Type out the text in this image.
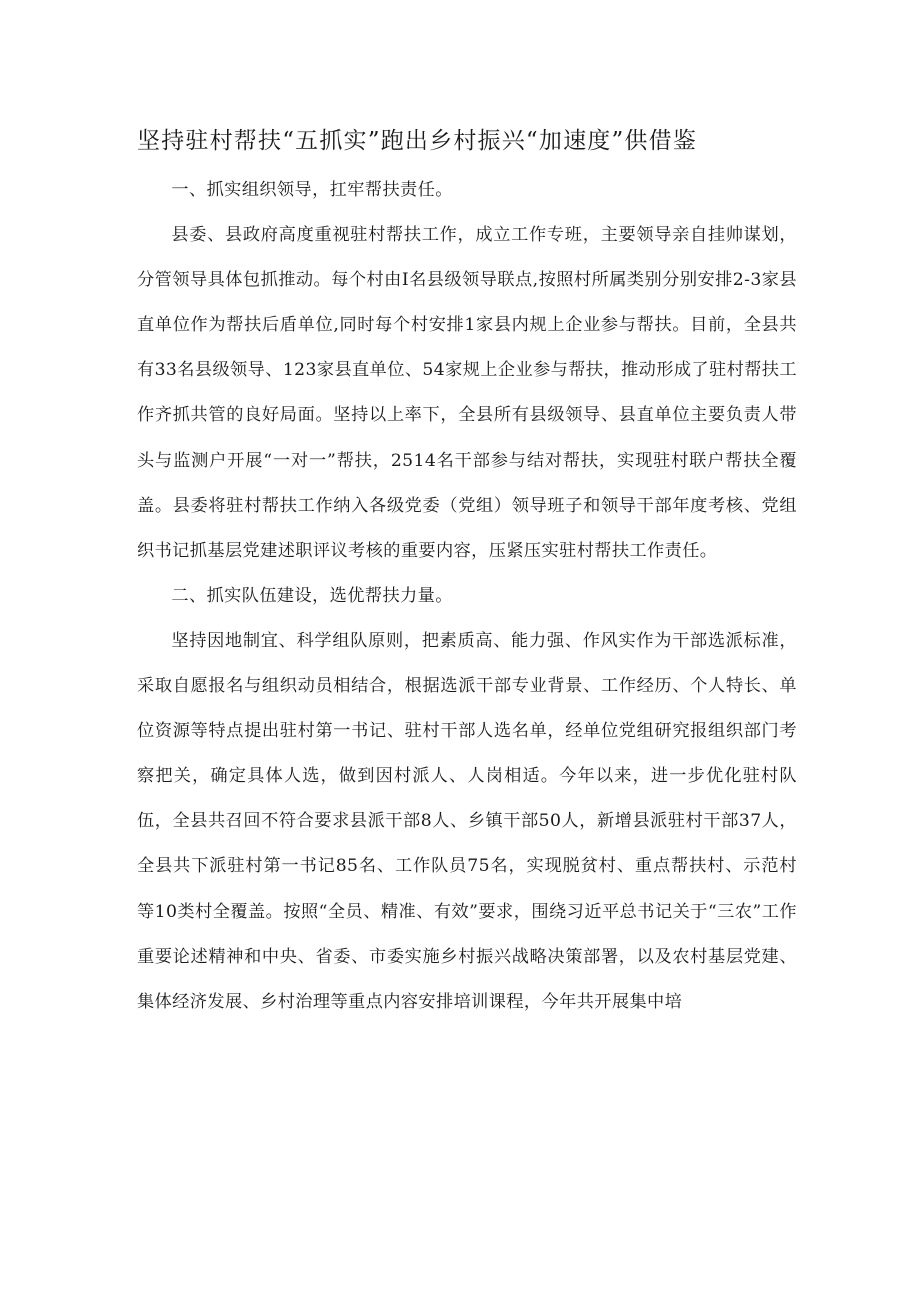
坚持驻村帮扶“五抓实”跑出乡村振兴“加速度”供借鉴

一、抓实组织领导，扛牢帮扶责任。

县委、县政府高度重视驻村帮扶工作，成立工作专班，主要领导亲自挂帅谋划，分管领导具体包抓推动。每个村由I名县级领导联点,按照村所属类别分别安排2-3家县直单位作为帮扶后盾单位,同时每个村安排1家县内规上企业参与帮扶。目前，全县共有33名县级领导、123家县直单位、54家规上企业参与帮扶，推动形成了驻村帮扶工作齐抓共管的良好局面。坚持以上率下，全县所有县级领导、县直单位主要负责人带头与监测户开展“一对一”帮扶，2514名干部参与结对帮扶，实现驻村联户帮扶全覆盖。县委将驻村帮扶工作纳入各级党委（党组）领导班子和领导干部年度考核、党组织书记抓基层党建述职评议考核的重要内容，压紧压实驻村帮扶工作责任。

二、抓实队伍建设，选优帮扶力量。

坚持因地制宜、科学组队原则，把素质高、能力强、作风实作为干部选派标准，采取自愿报名与组织动员相结合，根据选派干部专业背景、工作经历、个人特长、单位资源等特点提出驻村第一书记、驻村干部人选名单，经单位党组研究报组织部门考察把关，确定具体人选，做到因村派人、人岗相适。今年以来，进一步优化驻村队伍，全县共召回不符合要求县派干部8人、乡镇干部50人，新增县派驻村干部37人，全县共下派驻村第一书记85名、工作队员75名，实现脱贫村、重点帮扶村、示范村等10类村全覆盖。按照“全员、精准、有效”要求，围绕习近平总书记关于“三农”工作重要论述精神和中央、省委、市委实施乡村振兴战略决策部署，以及农村基层党建、集体经济发展、乡村治理等重点内容安排培训课程，今年共开展集中培
